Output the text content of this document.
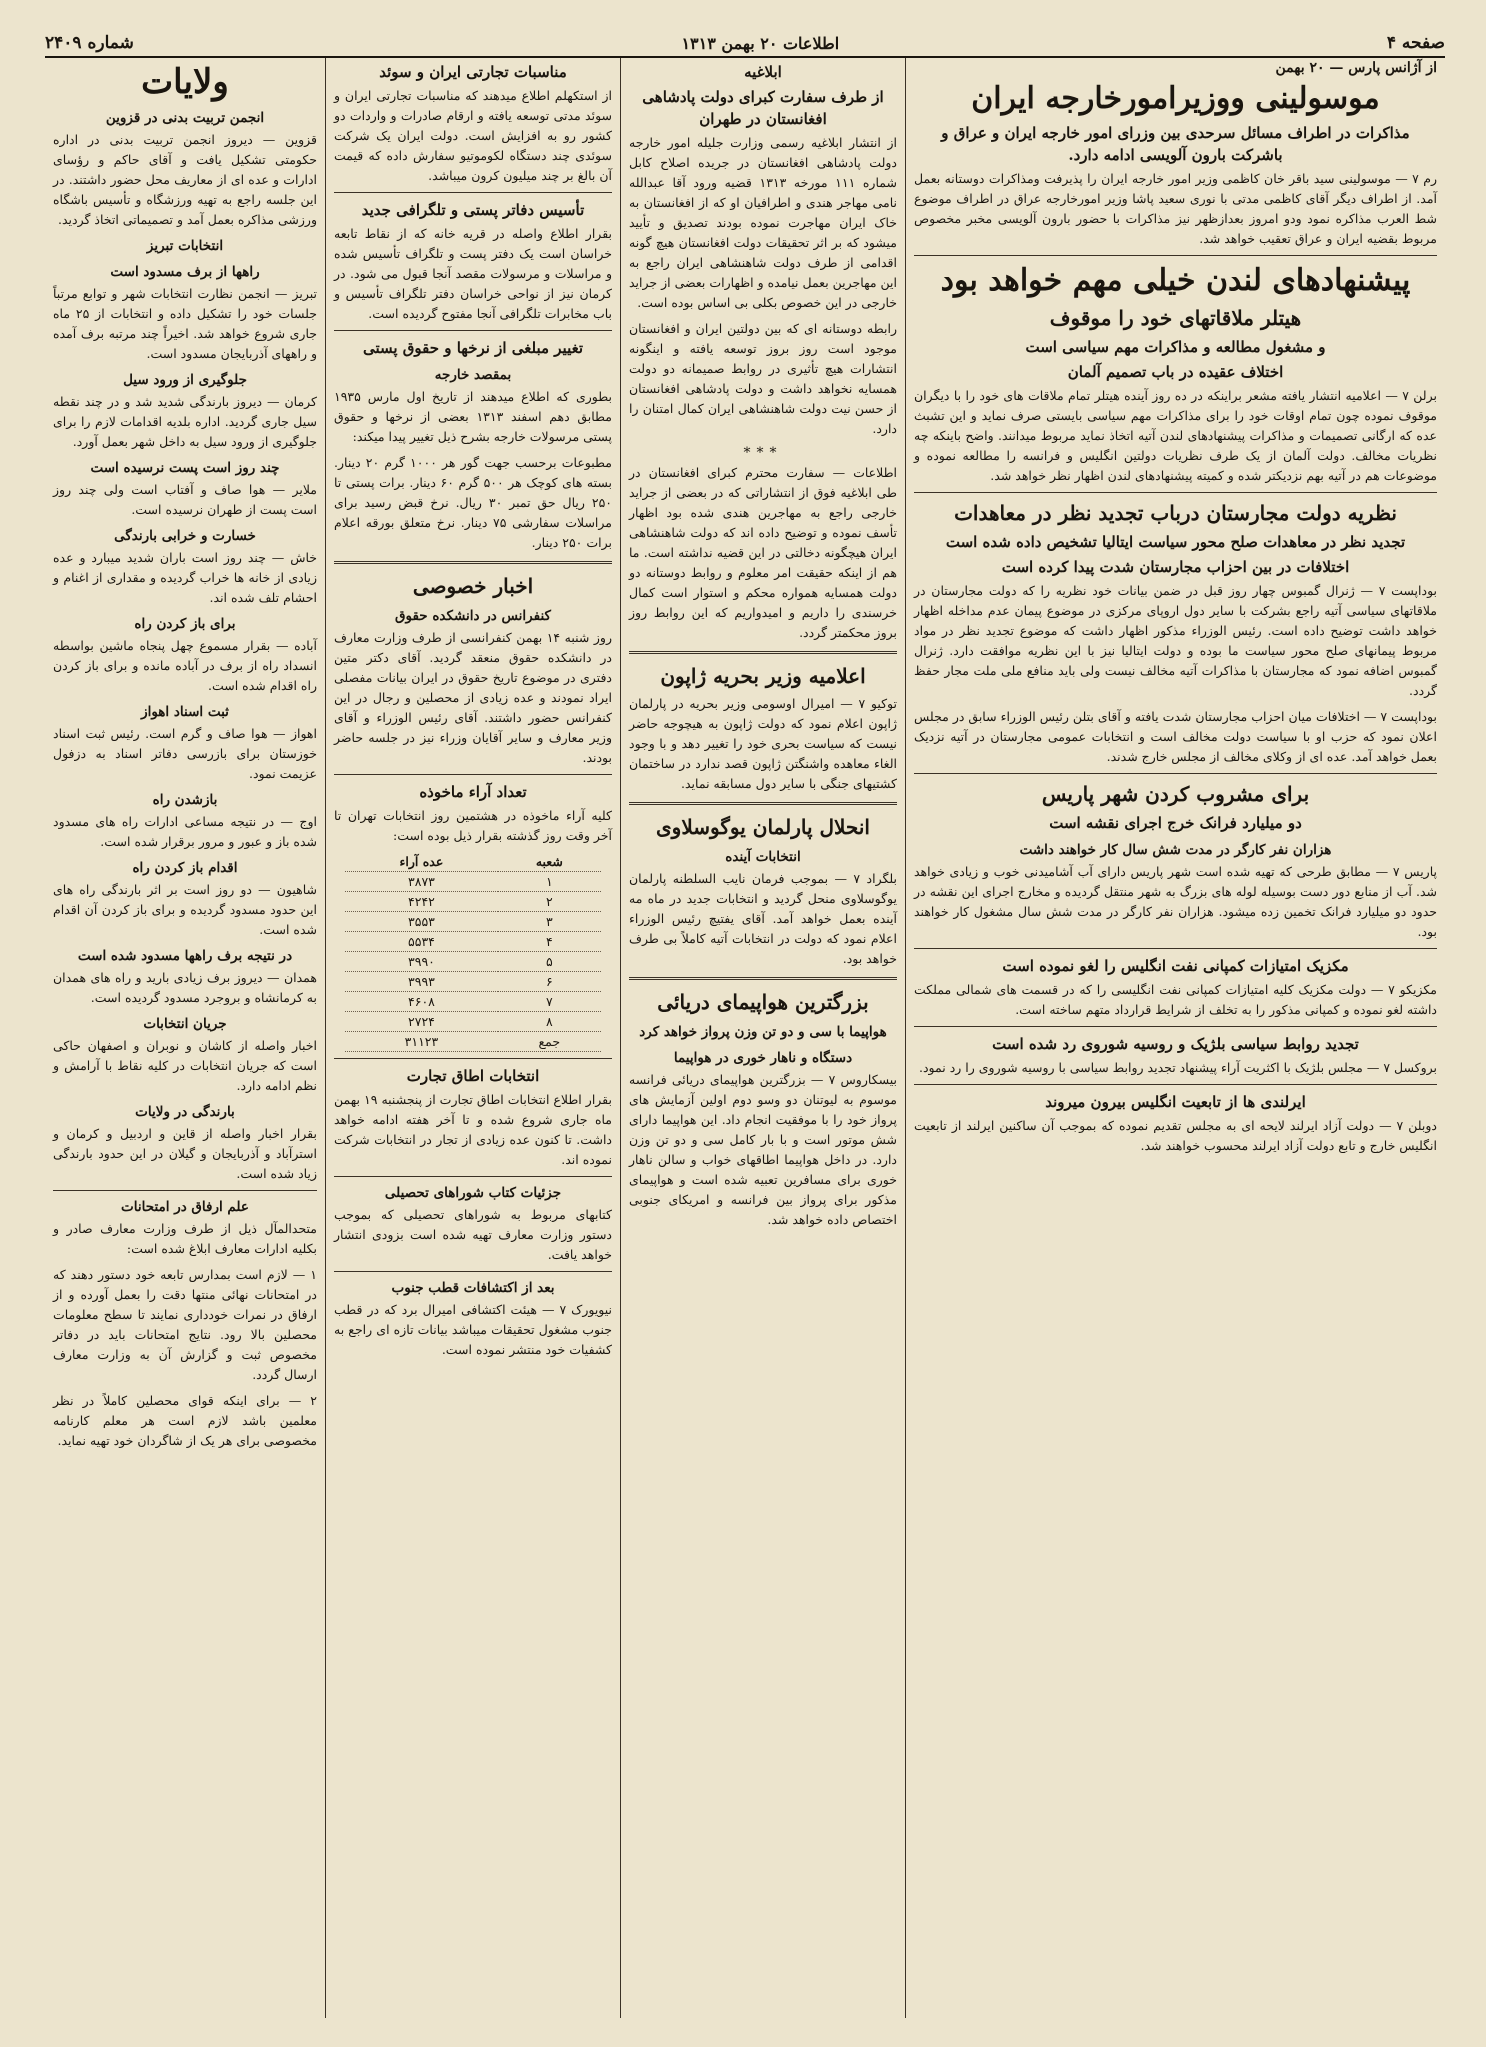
صفحه ۴
اطلاعات ۲۰ بهمن ۱۳۱۳
شماره ۲۴۰۹
از آژانس پارس — ۲۰ بهمن
موسولینی ووزیرامورخارجه ایران
مذاکرات در اطراف مسائل سرحدی بین وزرای امور خارجه ایران و عراق و باشرکت بارون آلویسی ادامه دارد.
رم ۷ — موسولینی سید باقر خان کاظمی وزیر امور خارجه ایران را پذیرفت ومذاکرات دوستانه بعمل آمد. از اطراف دیگر آقای کاظمی مدتی با نوری سعید پاشا وزیر امورخارجه عراق در اطراف موضوع شط العرب مذاکره نمود ودو امروز بعدازظهر نیز مذاکرات با حضور بارون آلویسی مخبر مخصوص مربوط بقضیه ایران و عراق تعقیب خواهد شد.
پیشنهادهای لندن خیلی مهم خواهد بود
هیتلر ملاقاتهای خود را موقوف
و مشغول مطالعه و مذاکرات مهم سیاسی است
اختلاف عقیده در باب تصمیم آلمان
برلن ۷ — اعلامیه انتشار یافته مشعر براینکه در ده روز آینده هیتلر تمام ملاقات های خود را با دیگران موقوف نموده چون تمام اوقات خود را برای مذاکرات مهم سیاسی بایستی صرف نماید و این تشبث عده که ارگانی تصمیمات و مذاکرات پیشنهادهای لندن آتیه اتخاذ نماید مربوط میدانند. واضح باینکه چه نظریات مخالف. دولت آلمان از یک طرف نظریات دولتین انگلیس و فرانسه را مطالعه نموده و موضوعات هم در آتیه بهم نزدیکتر شده و کمیته پیشنهادهای لندن اظهار نظر خواهد شد.
نظریه دولت مجارستان درباب تجدید نظر در معاهدات
تجدید نظر در معاهدات صلح محور سیاست ایتالیا تشخیص داده شده است
اختلافات در بین احزاب مجارستان شدت پیدا کرده است
بوداپست ۷ — ژنرال گمبوس چهار روز قبل در ضمن بیانات خود نظریه را که دولت مجارستان در ملاقاتهای سیاسی آتیه راجع بشرکت با سایر دول اروپای مرکزی در موضوع پیمان عدم مداخله اظهار خواهد داشت توضیح داده است. رئیس الوزراء مذکور اظهار داشت که موضوع تجدید نظر در مواد مربوط پیمانهای صلح محور سیاست ما بوده و دولت ایتالیا نیز با این نظریه موافقت دارد. ژنرال گمبوس اضافه نمود که مجارستان با مذاکرات آتیه مخالف نیست ولی باید منافع ملی ملت مجار حفظ گردد.
بوداپست ۷ — اختلافات میان احزاب مجارستان شدت یافته و آقای بتلن رئیس الوزراء سابق در مجلس اعلان نمود که حزب او با سیاست دولت مخالف است و انتخابات عمومی مجارستان در آتیه نزدیک بعمل خواهد آمد. عده ای از وکلای مخالف از مجلس خارج شدند.
برای مشروب کردن شهر پاریس
دو میلیارد فرانک خرج اجرای نقشه است
هزاران نفر کارگر در مدت شش سال کار خواهند داشت
پاریس ۷ — مطابق طرحی که تهیه شده است شهر پاریس دارای آب آشامیدنی خوب و زیادی خواهد شد. آب از منابع دور دست بوسیله لوله های بزرگ به شهر منتقل گردیده و مخارج اجرای این نقشه در حدود دو میلیارد فرانک تخمین زده میشود. هزاران نفر کارگر در مدت شش سال مشغول کار خواهند بود.
مکزیک امتیازات کمپانی نفت انگلیس را لغو نموده است
مکزیکو ۷ — دولت مکزیک کلیه امتیازات کمپانی نفت انگلیسی را که در قسمت های شمالی مملکت داشته لغو نموده و کمپانی مذکور را به تخلف از شرایط قرارداد متهم ساخته است.
تجدید روابط سیاسی بلژیک و روسیه شوروی رد شده است
بروکسل ۷ — مجلس بلژیک با اکثریت آراء پیشنهاد تجدید روابط سیاسی با روسیه شوروی را رد نمود.
ایرلندی ها از تابعیت انگلیس بیرون میروند
دوبلن ۷ — دولت آزاد ایرلند لایحه ای به مجلس تقدیم نموده که بموجب آن ساکنین ایرلند از تابعیت انگلیس خارج و تابع دولت آزاد ایرلند محسوب خواهند شد.
ابلاغیه
از طرف سفارت کبرای دولت پادشاهی افغانستان در طهران
از انتشار ابلاغیه رسمی وزارت جلیله امور خارجه دولت پادشاهی افغانستان در جریده اصلاح کابل شماره ۱۱۱ مورخه ۱۳۱۳ قضیه ورود آقا عبدالله نامی مهاجر هندی و اطرافیان او که از افغانستان به خاک ایران مهاجرت نموده بودند تصدیق و تأیید میشود که بر اثر تحقیقات دولت افغانستان هیچ گونه اقدامی از طرف دولت شاهنشاهی ایران راجع به این مهاجرین بعمل نیامده و اظهارات بعضی از جراید خارجی در این خصوص بکلی بی اساس بوده است.
رابطه دوستانه ای که بین دولتین ایران و افغانستان موجود است روز بروز توسعه یافته و اینگونه انتشارات هیچ تأثیری در روابط صمیمانه دو دولت همسایه نخواهد داشت و دولت پادشاهی افغانستان از حسن نیت دولت شاهنشاهی ایران کمال امتنان را دارد.
***
اطلاعات — سفارت محترم کبرای افغانستان در طی ابلاغیه فوق از انتشاراتی که در بعضی از جراید خارجی راجع به مهاجرین هندی شده بود اظهار تأسف نموده و توضیح داده اند که دولت شاهنشاهی ایران هیچگونه دخالتی در این قضیه نداشته است. ما هم از اینکه حقیقت امر معلوم و روابط دوستانه دو دولت همسایه همواره محکم و استوار است کمال خرسندی را داریم و امیدواریم که این روابط روز بروز محکمتر گردد.
اعلامیه وزیر بحریه ژاپون
توکیو ۷ — امیرال اوسومی وزیر بحریه در پارلمان ژاپون اعلام نمود که دولت ژاپون به هیچوجه حاضر نیست که سیاست بحری خود را تغییر دهد و با وجود الغاء معاهده واشنگتن ژاپون قصد ندارد در ساختمان کشتیهای جنگی با سایر دول مسابقه نماید.
انحلال پارلمان یوگوسلاوی
انتخابات آینده
بلگراد ۷ — بموجب فرمان نایب السلطنه پارلمان یوگوسلاوی منحل گردید و انتخابات جدید در ماه مه آینده بعمل خواهد آمد. آقای یفتیچ رئیس الوزراء اعلام نمود که دولت در انتخابات آتیه کاملاً بی طرف خواهد بود.
بزرگترین هواپیمای دریائی
هواپیما با سی و دو تن وزن پرواز خواهد کرد
دستگاه و ناهار خوری در هواپیما
بیسکاروس ۷ — بزرگترین هواپیمای دریائی فرانسه موسوم به لیوتنان دو وسو دوم اولین آزمایش های پرواز خود را با موفقیت انجام داد. این هواپیما دارای شش موتور است و با بار کامل سی و دو تن وزن دارد. در داخل هواپیما اطاقهای خواب و سالن ناهار خوری برای مسافرین تعبیه شده است و هواپیمای مذکور برای پرواز بین فرانسه و امریکای جنوبی اختصاص داده خواهد شد.
مناسبات تجارتی ایران و سوئد
از استکهلم اطلاع میدهند که مناسبات تجارتی ایران و سوئد مدتی توسعه یافته و ارقام صادرات و واردات دو کشور رو به افزایش است. دولت ایران یک شرکت سوئدی چند دستگاه لکوموتیو سفارش داده که قیمت آن بالغ بر چند میلیون کرون میباشد.
تأسیس دفاتر پستی و تلگرافی جدید
بقرار اطلاع واصله در قریه خانه که از نقاط تابعه خراسان است یک دفتر پست و تلگراف تأسیس شده و مراسلات و مرسولات مقصد آنجا قبول می شود. در کرمان نیز از نواحی خراسان دفتر تلگراف تأسیس و باب مخابرات تلگرافی آنجا مفتوح گردیده است.
تغییر مبلغی از نرخها و حقوق پستی
بمقصد خارجه
بطوری که اطلاع میدهند از تاریخ اول مارس ۱۹۳۵ مطابق دهم اسفند ۱۳۱۳ بعضی از نرخها و حقوق پستی مرسولات خارجه بشرح ذیل تغییر پیدا میکند:
مطبوعات برحسب جهت گور هر ۱۰۰۰ گرم ۲۰ دینار. بسته های کوچک هر ۵۰۰ گرم ۶۰ دینار. برات پستی تا ۲۵۰ ریال حق تمبر ۳۰ ریال. نرخ قبض رسید برای مراسلات سفارشی ۷۵ دینار. نرخ متعلق بورقه اعلام برات ۲۵۰ دینار.
اخبار خصوصی
کنفرانس در دانشکده حقوق
روز شنبه ۱۴ بهمن کنفرانسی از طرف وزارت معارف در دانشکده حقوق منعقد گردید. آقای دکتر متین دفتری در موضوع تاریخ حقوق در ایران بیانات مفصلی ایراد نمودند و عده زیادی از محصلین و رجال در این کنفرانس حضور داشتند. آقای رئیس الوزراء و آقای وزیر معارف و سایر آقایان وزراء نیز در جلسه حاضر بودند.
تعداد آراء ماخوذه
کلیه آراء ماخوذه در هشتمین روز انتخابات تهران تا آخر وقت روز گذشته بقرار ذیل بوده است:
شعبه	عده آراء
۱	۳۸۷۳
۲	۴۲۴۲
۳	۳۵۵۳
۴	۵۵۳۴
۵	۳۹۹۰
۶	۳۹۹۳
۷	۴۶۰۸
۸	۲۷۲۴
جمع	۳۱۱۲۳
انتخابات اطاق تجارت
بقرار اطلاع انتخابات اطاق تجارت از پنجشنبه ۱۹ بهمن ماه جاری شروع شده و تا آخر هفته ادامه خواهد داشت. تا کنون عده زیادی از تجار در انتخابات شرکت نموده اند.
جزئیات کتاب شوراهای تحصیلی
کتابهای مربوط به شوراهای تحصیلی که بموجب دستور وزارت معارف تهیه شده است بزودی انتشار خواهد یافت.
بعد از اکتشافات قطب جنوب
نیویورک ۷ — هیئت اکتشافی امیرال برد که در قطب جنوب مشغول تحقیقات میباشد بیانات تازه ای راجع به کشفیات خود منتشر نموده است.
ولایات
انجمن تربیت بدنی در قزوین
قزوین — دیروز انجمن تربیت بدنی در اداره حکومتی تشکیل یافت و آقای حاکم و رؤسای ادارات و عده ای از معاریف محل حضور داشتند. در این جلسه راجع به تهیه ورزشگاه و تأسیس باشگاه ورزشی مذاکره بعمل آمد و تصمیماتی اتخاذ گردید.
انتخابات تبریز
راهها از برف مسدود است
تبریز — انجمن نظارت انتخابات شهر و توابع مرتباً جلسات خود را تشکیل داده و انتخابات از ۲۵ ماه جاری شروع خواهد شد. اخیراً چند مرتبه برف آمده و راههای آذربایجان مسدود است.
جلوگیری از ورود سیل
کرمان — دیروز بارندگی شدید شد و در چند نقطه سیل جاری گردید. اداره بلدیه اقدامات لازم را برای جلوگیری از ورود سیل به داخل شهر بعمل آورد.
چند روز است پست نرسیده است
ملایر — هوا صاف و آفتاب است ولی چند روز است پست از طهران نرسیده است.
خسارت و خرابی بارندگی
خاش — چند روز است باران شدید میبارد و عده زیادی از خانه ها خراب گردیده و مقداری از اغنام و احشام تلف شده اند.
برای باز کردن راه
آباده — بقرار مسموع چهل پنجاه ماشین بواسطه انسداد راه از برف در آباده مانده و برای باز کردن راه اقدام شده است.
ثبت اسناد اهواز
اهواز — هوا صاف و گرم است. رئیس ثبت اسناد خوزستان برای بازرسی دفاتر اسناد به دزفول عزیمت نمود.
بازشدن راه
اوج — در نتیجه مساعی ادارات راه های مسدود شده باز و عبور و مرور برقرار شده است.
اقدام باز کردن راه
شاهیون — دو روز است بر اثر بارندگی راه های این حدود مسدود گردیده و برای باز کردن آن اقدام شده است.
در نتیجه برف راهها مسدود شده است
همدان — دیروز برف زیادی بارید و راه های همدان به کرمانشاه و بروجرد مسدود گردیده است.
جریان انتخابات
اخبار واصله از کاشان و نوبران و اصفهان حاکی است که جریان انتخابات در کلیه نقاط با آرامش و نظم ادامه دارد.
بارندگی در ولایات
بقرار اخبار واصله از قاین و اردبیل و کرمان و استرآباد و آذربایجان و گیلان در این حدود بارندگی زیاد شده است.
علم ارفاق در امتحانات
متحدالمآل ذیل از طرف وزارت معارف صادر و بکلیه ادارات معارف ابلاغ شده است:
۱ — لازم است بمدارس تابعه خود دستور دهند که در امتحانات نهائی منتها دقت را بعمل آورده و از ارفاق در نمرات خودداری نمایند تا سطح معلومات محصلین بالا رود. نتایج امتحانات باید در دفاتر مخصوص ثبت و گزارش آن به وزارت معارف ارسال گردد.
۲ — برای اینکه قوای محصلین کاملاً در نظر معلمین باشد لازم است هر معلم کارنامه مخصوصی برای هر یک از شاگردان خود تهیه نماید.
